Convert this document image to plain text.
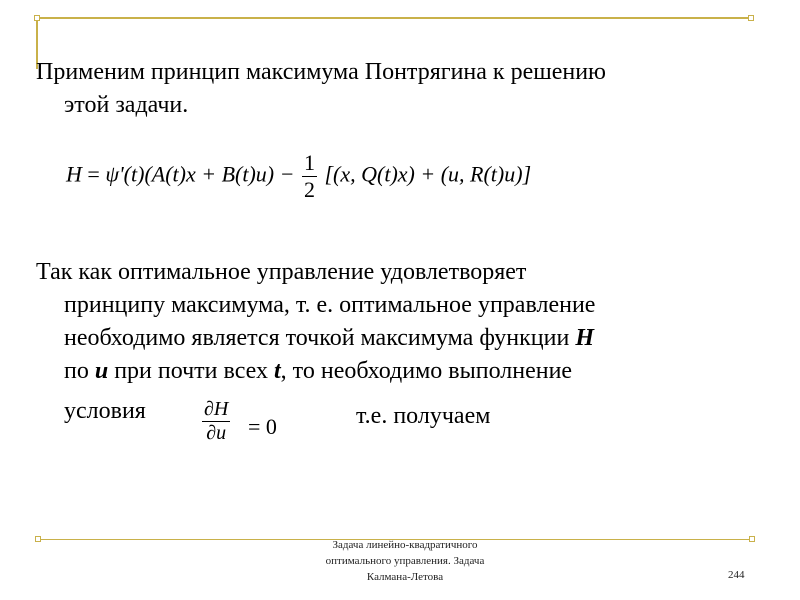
Применим принцип максимума Понтрягина к решению
этой задачи.
$H = \psi'(t)(A(t)x + B(t)u) - \frac{1}{2} [(x$, Q(t)x) + (u, R(t)u)]
Так как оптимальное управление удовлетворяет
принципу максимума, т. е. оптимальное управление
необходимо является точкой максимума функции H
по u при почти всех t, то необходимо выполнение
условия	$\frac{\partial H}{\partial u} = 0$	т.е. получаем
Задача линейно-квадратичного
оптимального управления. Задача
Калмана-Летова	244
